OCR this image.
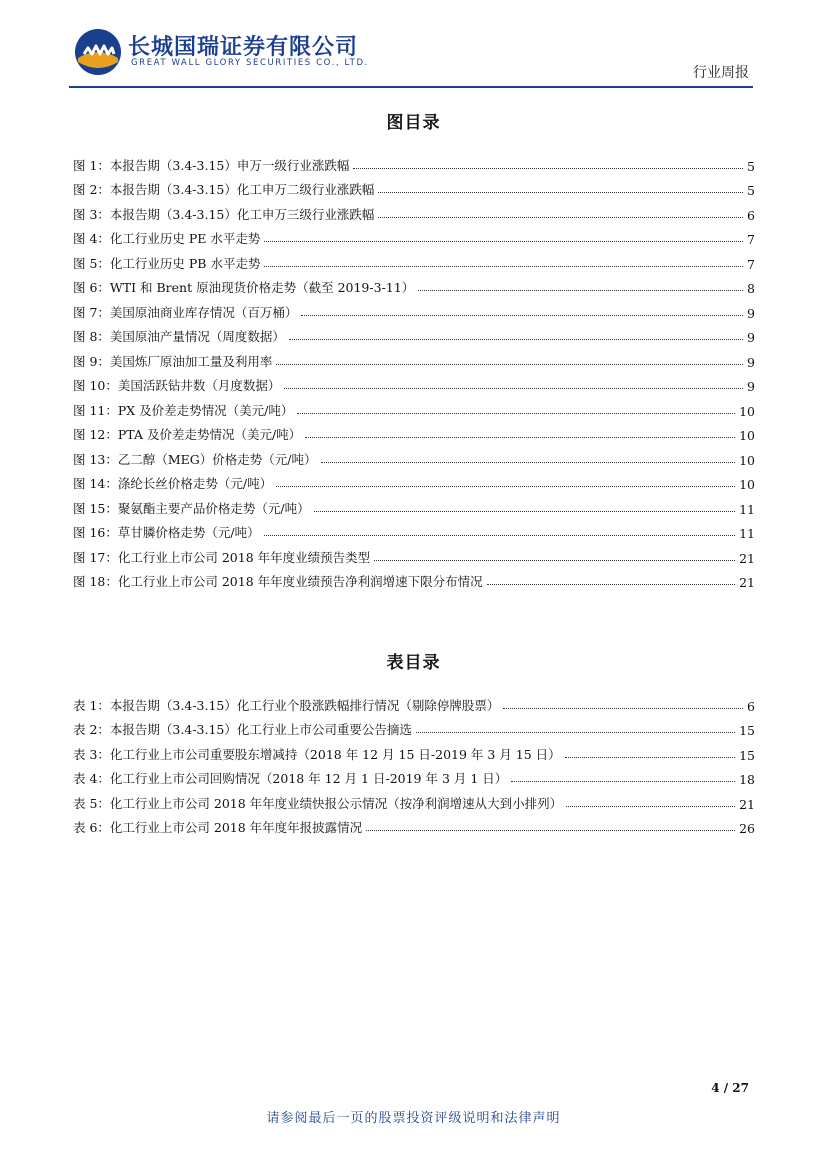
长城国瑞证券有限公司
GREAT WALL GLORY SECURITIES CO., LTD.
行业周报
图目录
图 1：本报告期（3.4-3.15）申万一级行业涨跌幅	5
图 2：本报告期（3.4-3.15）化工申万二级行业涨跌幅	5
图 3：本报告期（3.4-3.15）化工申万三级行业涨跌幅	6
图 4：化工行业历史 PE 水平走势	7
图 5：化工行业历史 PB 水平走势	7
图 6：WTI 和 Brent 原油现货价格走势（截至 2019-3-11）	8
图 7：美国原油商业库存情况（百万桶）	9
图 8：美国原油产量情况（周度数据）	9
图 9：美国炼厂原油加工量及利用率	9
图 10：美国活跃钻井数（月度数据）	9
图 11：PX 及价差走势情况（美元/吨）	10
图 12：PTA 及价差走势情况（美元/吨）	10
图 13：乙二醇（MEG）价格走势（元/吨）	10
图 14：涤纶长丝价格走势（元/吨）	10
图 15：聚氨酯主要产品价格走势（元/吨）	11
图 16：草甘膦价格走势（元/吨）	11
图 17：化工行业上市公司 2018 年年度业绩预告类型	21
图 18：化工行业上市公司 2018 年年度业绩预告净利润增速下限分布情况	21
表目录
表 1：本报告期（3.4-3.15）化工行业个股涨跌幅排行情况（剔除停牌股票）	6
表 2：本报告期（3.4-3.15）化工行业上市公司重要公告摘选	15
表 3：化工行业上市公司重要股东增减持（2018 年 12 月 15 日-2019 年 3 月 15 日）	15
表 4：化工行业上市公司回购情况（2018 年 12 月 1 日-2019 年 3 月 1 日）	18
表 5：化工行业上市公司 2018 年年度业绩快报公示情况（按净利润增速从大到小排列）	21
表 6：化工行业上市公司 2018 年年度年报披露情况	26
4 / 27
请参阅最后一页的股票投资评级说明和法律声明
